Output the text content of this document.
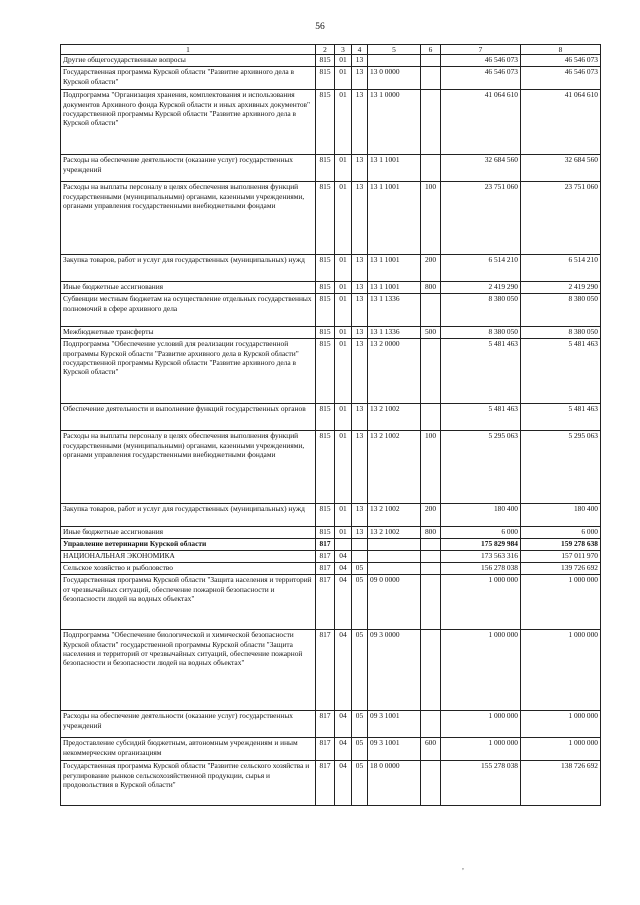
56
1	2	3	4	5	6	7	8
Другие общегосударственные вопросы	815	01	13			46 546 073	46 546 073
Государственная программа Курской области "Развитие архивного дела в Курской области"	815	01	13	13 0 0000		46 546 073	46 546 073
Подпрограмма "Организация хранения, комплектования и использования документов Архивного фонда Курской области и иных архивных документов" государственной программы Курской области "Развитие архивного дела в Курской области"	815	01	13	13 1 0000		41 064 610	41 064 610
Расходы на обеспечение деятельности (оказание услуг) государственных учреждений	815	01	13	13 1 1001		32 684 560	32 684 560
Расходы на выплаты персоналу в целях обеспечения выполнения функций государственными (муниципальными) органами, казенными учреждениями, органами управления государственными внебюджетными фондами	815	01	13	13 1 1001	100	23 751 060	23 751 060
Закупка товаров, работ и услуг для государственных (муниципальных) нужд	815	01	13	13 1 1001	200	6 514 210	6 514 210
Иные бюджетные ассигнования	815	01	13	13 1 1001	800	2 419 290	2 419 290
Субвенции местным бюджетам на осуществление отдельных государственных полномочий в сфере архивного дела	815	01	13	13 1 1336		8 380 050	8 380 050
Межбюджетные трансферты	815	01	13	13 1 1336	500	8 380 050	8 380 050
Подпрограмма "Обеспечение условий для реализации государственной программы Курской области "Развитие архивного дела в Курской области" государственной программы Курской области "Развитие архивного дела в Курской области"	815	01	13	13 2 0000		5 481 463	5 481 463
Обеспечение деятельности и выполнение функций государственных органов	815	01	13	13 2 1002		5 481 463	5 481 463
Расходы на выплаты персоналу в целях обеспечения выполнения функций государственными (муниципальными) органами, казенными учреждениями, органами управления государственными внебюджетными фондами	815	01	13	13 2 1002	100	5 295 063	5 295 063
Закупка товаров, работ и услуг для государственных (муниципальных) нужд	815	01	13	13 2 1002	200	180 400	180 400
Иные бюджетные ассигнования	815	01	13	13 2 1002	800	6 000	6 000
Управление ветеринарии Курской области	817					175 829 984	159 278 638
НАЦИОНАЛЬНАЯ ЭКОНОМИКА	817	04				173 563 316	157 011 970
Сельское хозяйство и рыболовство	817	04	05			156 278 038	139 726 692
Государственная программа Курской области "Защита населения и территорий от чрезвычайных ситуаций, обеспечение пожарной безопасности и безопасности людей на водных объектах"	817	04	05	09 0 0000		1 000 000	1 000 000
Подпрограмма "Обеспечение биологической и химической безопасности Курской области" государственной программы Курской области "Защита населения и территорий от чрезвычайных ситуаций, обеспечение пожарной безопасности и безопасности людей на водных объектах"	817	04	05	09 3 0000		1 000 000	1 000 000
Расходы на обеспечение деятельности (оказание услуг) государственных учреждений	817	04	05	09 3 1001		1 000 000	1 000 000
Предоставление субсидий бюджетным, автономным учреждениям и иным некоммерческим организациям	817	04	05	09 3 1001	600	1 000 000	1 000 000
Государственная программа Курской области "Развитие сельского хозяйства и регулирование рынков сельскохозяйственной продукции, сырья и продовольствия в Курской области"	817	04	05	18 0 0000		155 278 038	138 726 692
,
